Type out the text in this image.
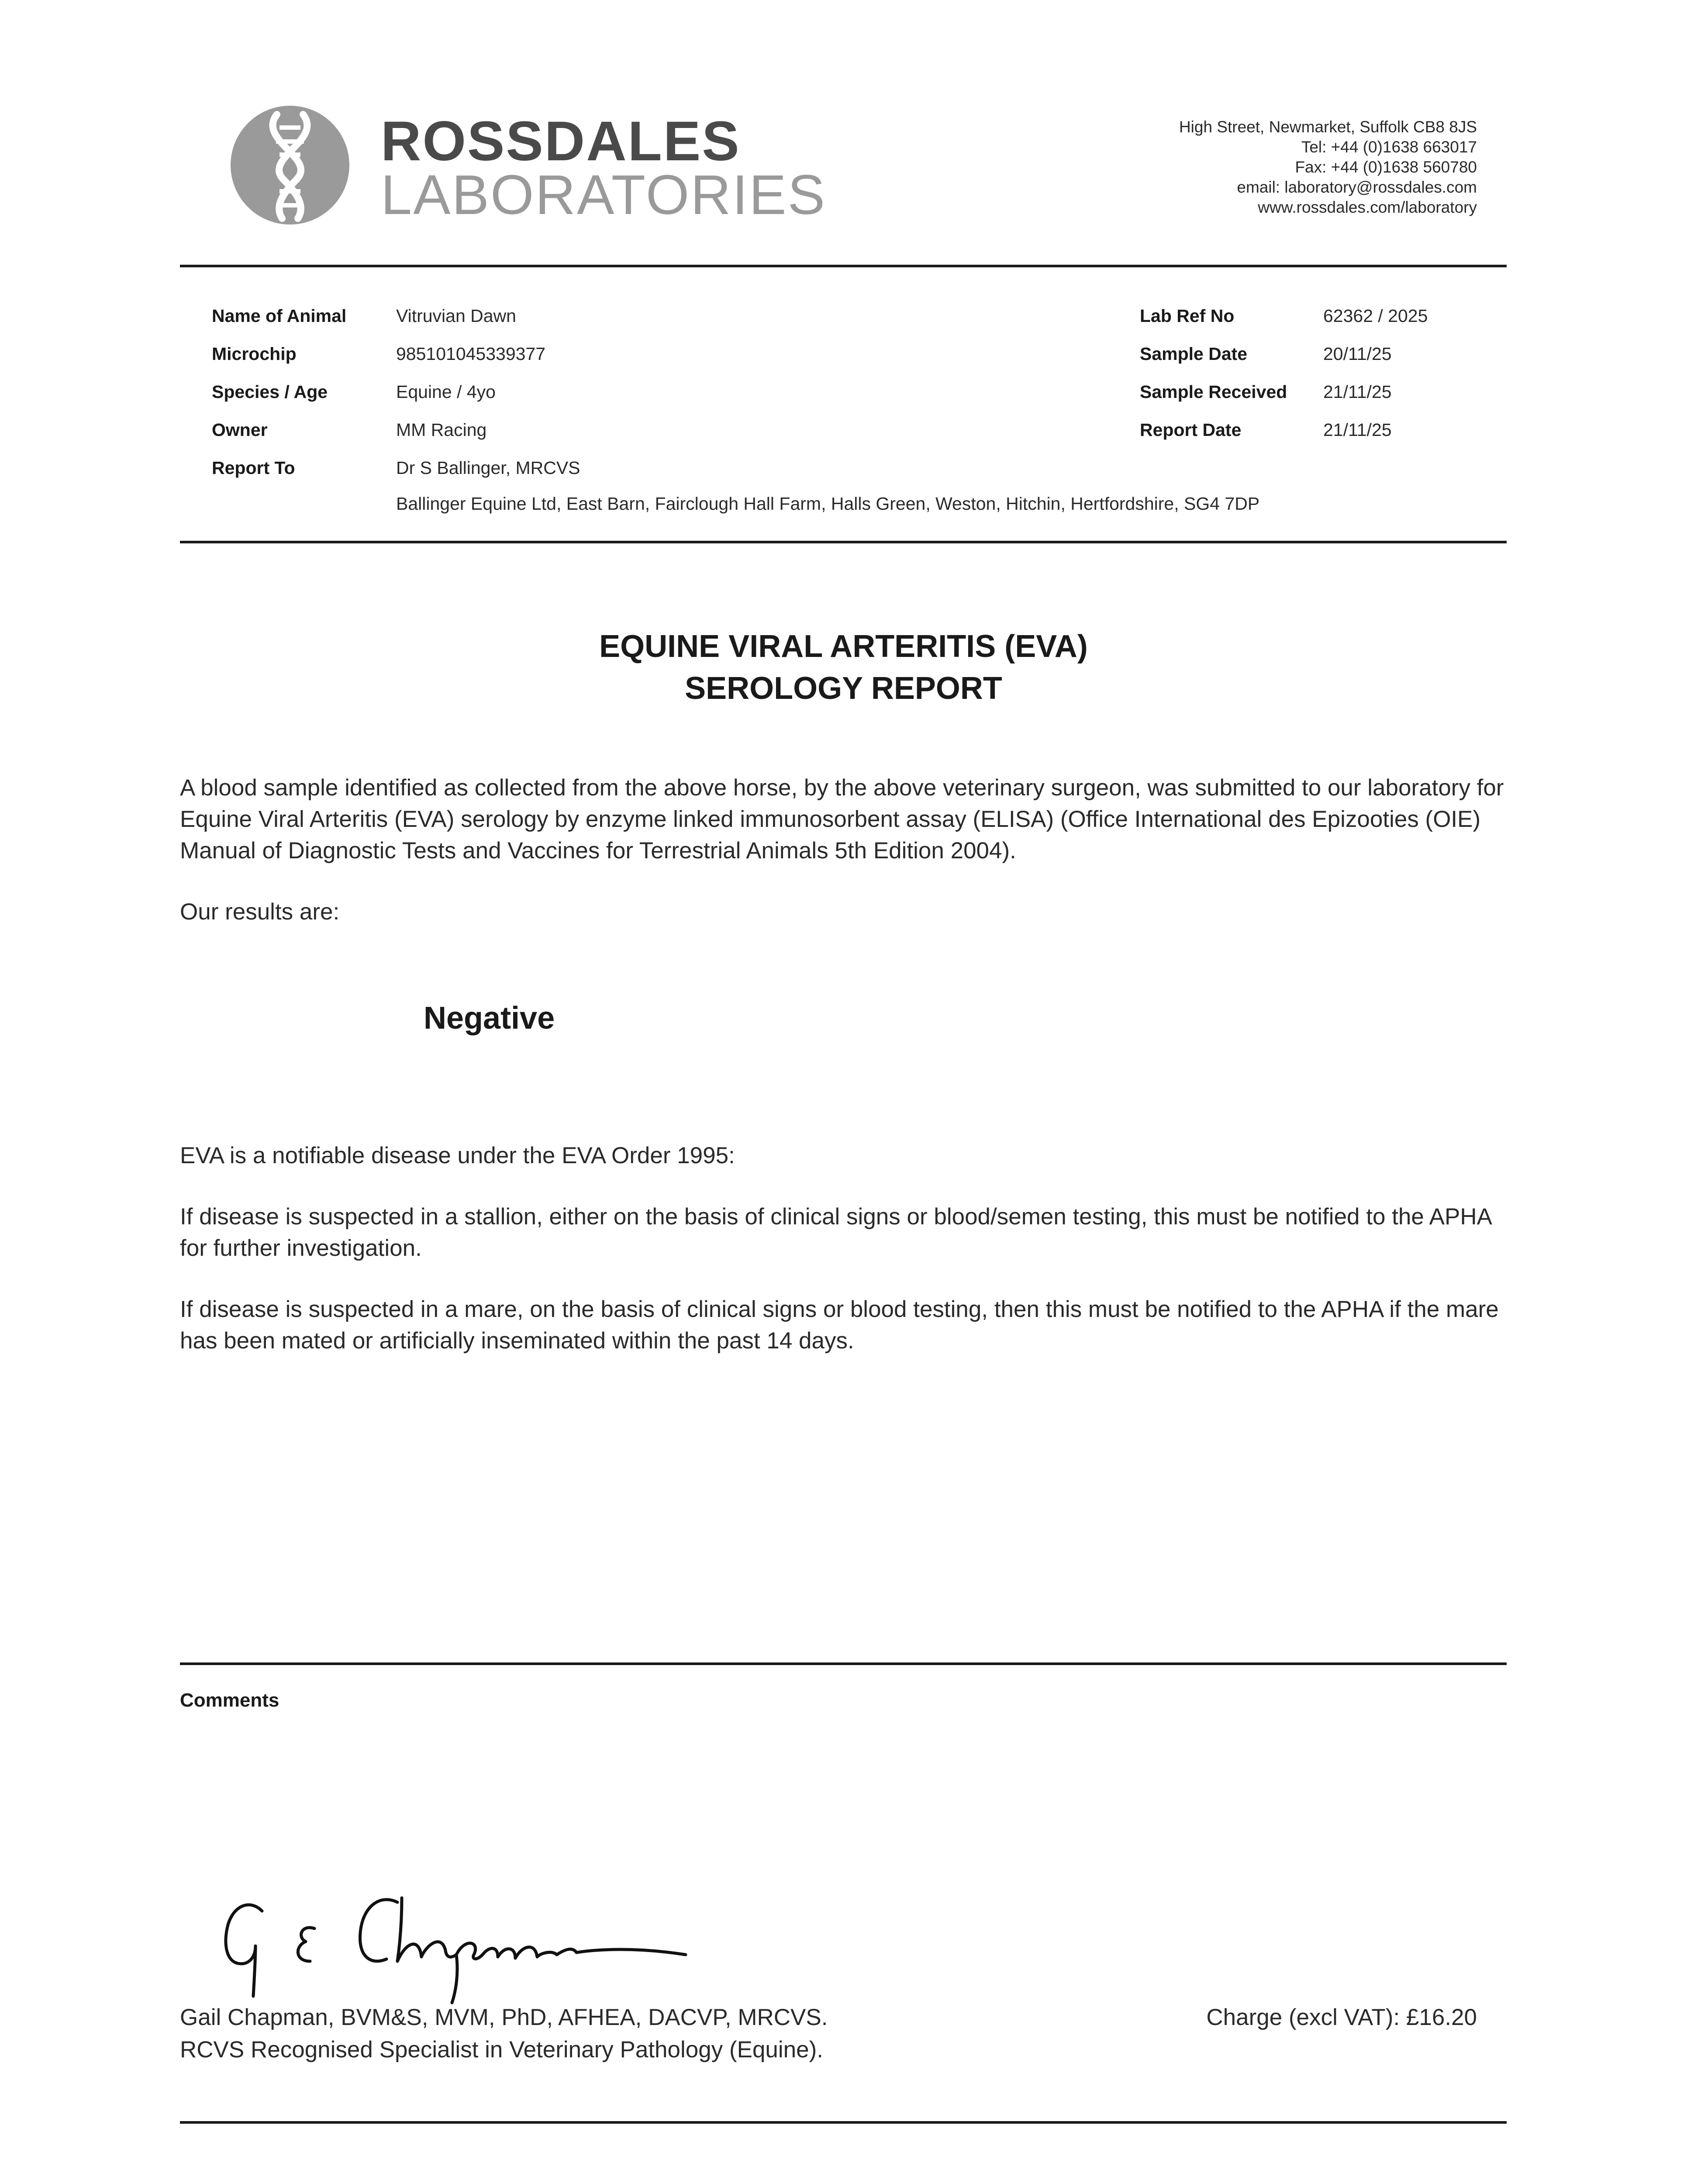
ROSSDALES
LABORATORIES
High Street, Newmarket, Suffolk CB8 8JS
Tel: +44 (0)1638 663017
Fax: +44 (0)1638 560780
email: laboratory@rossdales.com
www.rossdales.com/laboratory
Name of Animal	Vitruvian Dawn
Microchip	985101045339377
Species / Age	Equine / 4yo
Owner	MM Racing
Report To	Dr S Ballinger, MRCVS
Ballinger Equine Ltd, East Barn, Fairclough Hall Farm, Halls Green, Weston, Hitchin, Hertfordshire, SG4 7DP
Lab Ref No	62362 / 2025
Sample Date	20/11/25
Sample Received 21/11/25
Report Date	21/11/25
EQUINE VIRAL ARTERITIS (EVA)
SEROLOGY REPORT

A blood sample identified as collected from the above horse, by the above veterinary surgeon, was submitted to our laboratory for Equine Viral Arteritis (EVA) serology by enzyme linked immunosorbent assay (ELISA) (Office International des Epizooties (OIE) Manual of Diagnostic Tests and Vaccines for Terrestrial Animals 5th Edition 2004).

Our results are:

Negative

EVA is a notifiable disease under the EVA Order 1995:

If disease is suspected in a stallion, either on the basis of clinical signs or blood/semen testing, this must be notified to the APHA for further investigation.

If disease is suspected in a mare, on the basis of clinical signs or blood testing, then this must be notified to the APHA if the mare has been mated or artificially inseminated within the past 14 days.

Comments
Gail Chapman, BVM&S, MVM, PhD, AFHEA, DACVP, MRCVS.
RCVS Recognised Specialist in Veterinary Pathology (Equine).
Charge (excl VAT): £16.20
